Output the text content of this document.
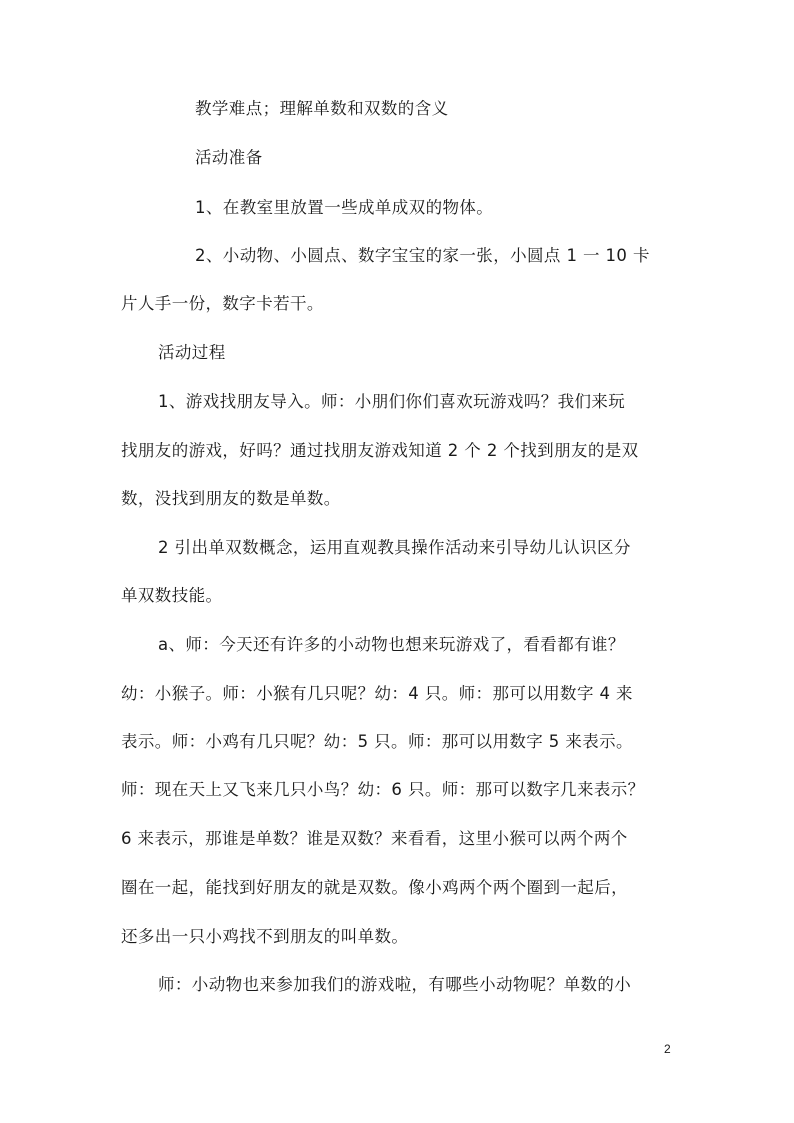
教学难点；理解单数和双数的含义
活动准备
1、在教室里放置一些成单成双的物体。
2、小动物、小圆点、数字宝宝的家一张，小圆点 1 一 10 卡
片人手一份，数字卡若干。
活动过程
1、游戏找朋友导入。师：小朋们你们喜欢玩游戏吗？我们来玩
找朋友的游戏，好吗？通过找朋友游戏知道 2 个 2 个找到朋友的是双
数，没找到朋友的数是单数。
2 引出单双数概念，运用直观教具操作活动来引导幼儿认识区分
单双数技能。
a、师：今天还有许多的小动物也想来玩游戏了，看看都有谁？
幼：小猴子。师：小猴有几只呢？幼：4 只。师：那可以用数字 4 来
表示。师：小鸡有几只呢？幼：5 只。师：那可以用数字 5 来表示。
师：现在天上又飞来几只小鸟？幼：6 只。师：那可以数字几来表示？
6 来表示，那谁是单数？谁是双数？来看看，这里小猴可以两个两个
圈在一起，能找到好朋友的就是双数。像小鸡两个两个圈到一起后，
还多出一只小鸡找不到朋友的叫单数。
师：小动物也来参加我们的游戏啦，有哪些小动物呢？单数的小
2
